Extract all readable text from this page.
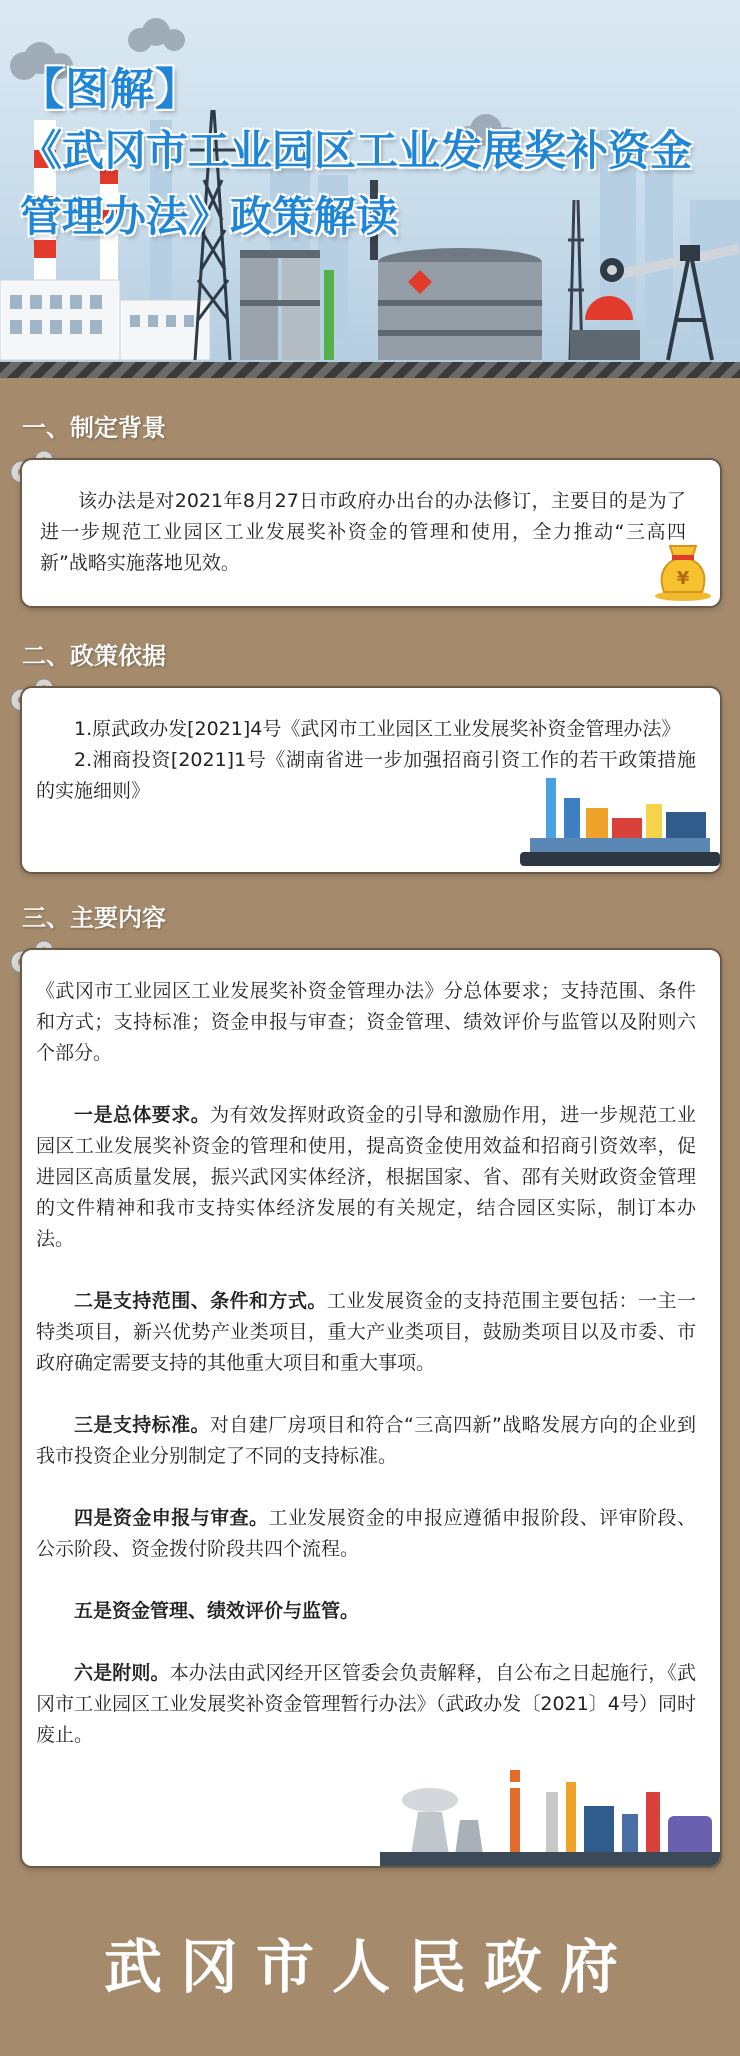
【图解】
《武冈市工业园区工业发展奖补资金
管理办法》政策解读
一、制定背景

该办法是对2021年8月27日市政府办出台的办法修订，主要目的是为了进一步规范工业园区工业发展奖补资金的管理和使用，全力推动“三高四新”战略实施落地见效。

¥
二、政策依据

1.原武政办发[2021]4号《武冈市工业园区工业发展奖补资金管理办法》

2.湘商投资[2021]1号《湖南省进一步加强招商引资工作的若干政策措施的实施细则》

三、主要内容

《武冈市工业园区工业发展奖补资金管理办法》分总体要求；支持范围、条件和方式；支持标准；资金申报与审查；资金管理、绩效评价与监管以及附则六个部分。

一是总体要求。为有效发挥财政资金的引导和激励作用，进一步规范工业园区工业发展奖补资金的管理和使用，提高资金使用效益和招商引资效率，促进园区高质量发展，振兴武冈实体经济，根据国家、省、邵有关财政资金管理的文件精神和我市支持实体经济发展的有关规定，结合园区实际，制订本办法。

二是支持范围、条件和方式。工业发展资金的支持范围主要包括：一主一特类项目，新兴优势产业类项目，重大产业类项目，鼓励类项目以及市委、市政府确定需要支持的其他重大项目和重大事项。

三是支持标准。对自建厂房项目和符合“三高四新”战略发展方向的企业到我市投资企业分别制定了不同的支持标准。

四是资金申报与审查。工业发展资金的申报应遵循申报阶段、评审阶段、公示阶段、资金拨付阶段共四个流程。

五是资金管理、绩效评价与监管。

六是附则。本办法由武冈经开区管委会负责解释，自公布之日起施行，《武冈市工业园区工业发展奖补资金管理暂行办法》（武政办发〔2021〕4号）同时废止。

武冈市人民政府
